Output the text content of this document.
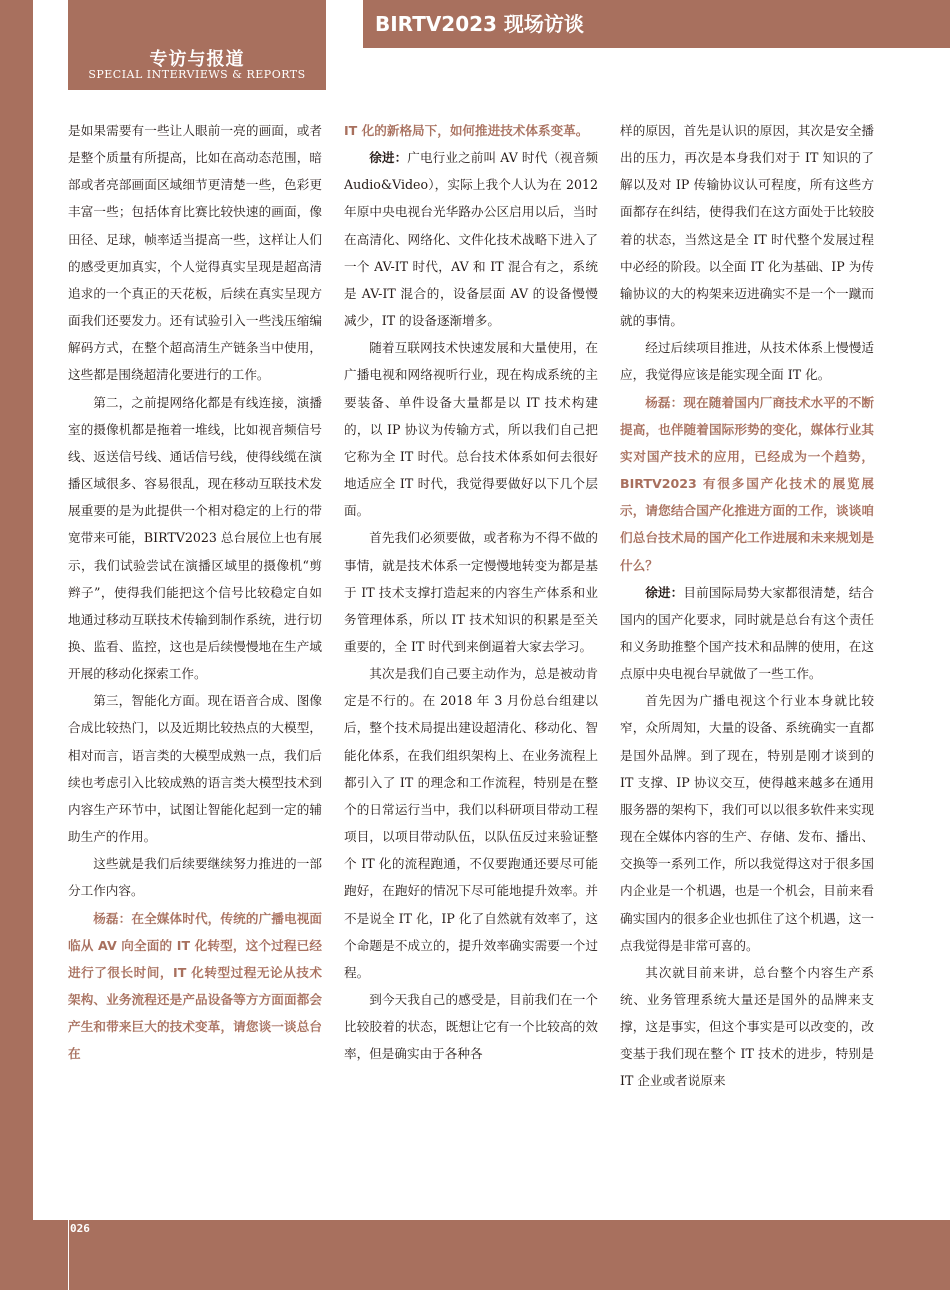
专访与报道
SPECIAL INTERVIEWS & REPORTS
BIRTV2023 现场访谈

是如果需要有一些让人眼前一亮的画面，或者是整个质量有所提高，比如在高动态范围，暗部或者亮部画面区域细节更清楚一些，色彩更丰富一些；包括体育比赛比较快速的画面，像田径、足球，帧率适当提高一些，这样让人们的感受更加真实，个人觉得真实呈现是超高清追求的一个真正的天花板，后续在真实呈现方面我们还要发力。还有试验引入一些浅压缩编解码方式，在整个超高清生产链条当中使用，这些都是围绕超清化要进行的工作。

第二，之前提网络化都是有线连接，演播室的摄像机都是拖着一堆线，比如视音频信号线、返送信号线、通话信号线，使得线缆在演播区域很多、容易很乱，现在移动互联技术发展重要的是为此提供一个相对稳定的上行的带宽带来可能，BIRTV2023 总台展位上也有展示，我们试验尝试在演播区域里的摄像机“剪辫子”，使得我们能把这个信号比较稳定自如地通过移动互联技术传输到制作系统，进行切换、监看、监控，这也是后续慢慢地在生产域开展的移动化探索工作。

第三，智能化方面。现在语音合成、图像合成比较热门，以及近期比较热点的大模型，相对而言，语言类的大模型成熟一点，我们后续也考虑引入比较成熟的语言类大模型技术到内容生产环节中，试图让智能化起到一定的辅助生产的作用。

这些就是我们后续要继续努力推进的一部分工作内容。

杨磊：在全媒体时代，传统的广播电视面临从 AV 向全面的 IT 化转型，这个过程已经进行了很长时间，IT 化转型过程无论从技术架构、业务流程还是产品设备等方方面面都会产生和带来巨大的技术变革，请您谈一谈总台在

IT 化的新格局下，如何推进技术体系变革。

徐进：广电行业之前叫 AV 时代（视音频 Audio&Video），实际上我个人认为在 2012 年原中央电视台光华路办公区启用以后，当时在高清化、网络化、文件化技术战略下进入了一个 AV-IT 时代，AV 和 IT 混合有之，系统是 AV-IT 混合的，设备层面 AV 的设备慢慢减少，IT 的设备逐渐增多。

随着互联网技术快速发展和大量使用，在广播电视和网络视听行业，现在构成系统的主要装备、单件设备大量都是以 IT 技术构建的，以 IP 协议为传输方式，所以我们自己把它称为全 IT 时代。总台技术体系如何去很好地适应全 IT 时代，我觉得要做好以下几个层面。

首先我们必须要做，或者称为不得不做的事情，就是技术体系一定慢慢地转变为都是基于 IT 技术支撑打造起来的内容生产体系和业务管理体系，所以 IT 技术知识的积累是至关重要的，全 IT 时代到来倒逼着大家去学习。

其次是我们自己要主动作为，总是被动肯定是不行的。在 2018 年 3 月份总台组建以后，整个技术局提出建设超清化、移动化、智能化体系，在我们组织架构上、在业务流程上都引入了 IT 的理念和工作流程，特别是在整个的日常运行当中，我们以科研项目带动工程项目，以项目带动队伍，以队伍反过来验证整个 IT 化的流程跑通，不仅要跑通还要尽可能跑好，在跑好的情况下尽可能地提升效率。并不是说全 IT 化，IP 化了自然就有效率了，这个命题是不成立的，提升效率确实需要一个过程。

到今天我自己的感受是，目前我们在一个比较胶着的状态，既想让它有一个比较高的效率，但是确实由于各种各

样的原因，首先是认识的原因，其次是安全播出的压力，再次是本身我们对于 IT 知识的了解以及对 IP 传输协议认可程度，所有这些方面都存在纠结，使得我们在这方面处于比较胶着的状态，当然这是全 IT 时代整个发展过程中必经的阶段。以全面 IT 化为基础、IP 为传输协议的大的构架来迈进确实不是一个一蹴而就的事情。

经过后续项目推进，从技术体系上慢慢适应，我觉得应该是能实现全面 IT 化。

杨磊：现在随着国内厂商技术水平的不断提高，也伴随着国际形势的变化，媒体行业其实对国产技术的应用，已经成为一个趋势，BIRTV2023 有很多国产化技术的展览展示，请您结合国产化推进方面的工作，谈谈咱们总台技术局的国产化工作进展和未来规划是什么？

徐进：目前国际局势大家都很清楚，结合国内的国产化要求，同时就是总台有这个责任和义务助推整个国产技术和品牌的使用，在这点原中央电视台早就做了一些工作。

首先因为广播电视这个行业本身就比较窄，众所周知，大量的设备、系统确实一直都是国外品牌。到了现在，特别是刚才谈到的 IT 支撑、IP 协议交互，使得越来越多在通用服务器的架构下，我们可以以很多软件来实现现在全媒体内容的生产、存储、发布、播出、交换等一系列工作，所以我觉得这对于很多国内企业是一个机遇，也是一个机会，目前来看确实国内的很多企业也抓住了这个机遇，这一点我觉得是非常可喜的。

其次就目前来讲，总台整个内容生产系统、业务管理系统大量还是国外的品牌来支撑，这是事实，但这个事实是可以改变的，改变基于我们现在整个 IT 技术的进步，特别是 IT 企业或者说原来

026
